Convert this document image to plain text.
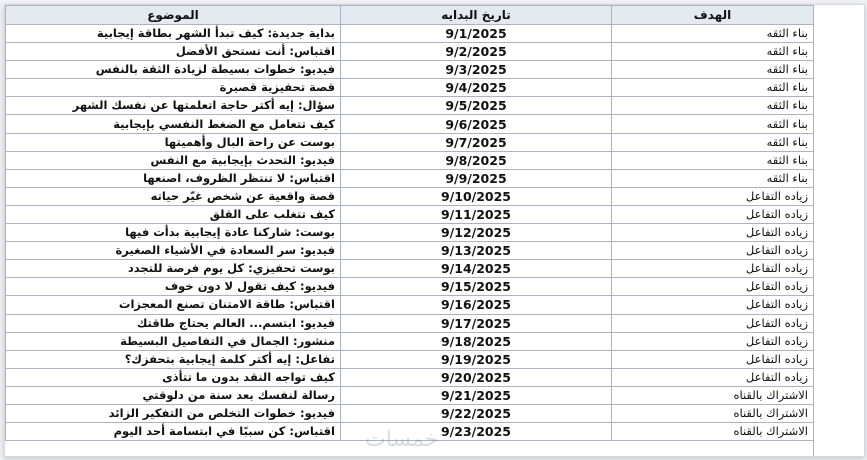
الموضوع	تاريخ البدايه	الهدف
بداية جديدة: كيف تبدأ الشهر بطاقة إيجابية	9/1/2025	بناء الثقه
اقتباس: أنت تستحق الأفضل	9/2/2025	بناء الثقه
فيديو: خطوات بسيطة لزيادة الثقة بالنفس	9/3/2025	بناء الثقه
قصة تحفيزية قصيرة	9/4/2025	بناء الثقه
سؤال: إيه أكتر حاجة اتعلمتها عن نفسك الشهر	9/5/2025	بناء الثقه
كيف تتعامل مع الضغط النفسي بإيجابية	9/6/2025	بناء الثقه
بوست عن راحة البال وأهميتها	9/7/2025	بناء الثقه
فيديو: التحدث بإيجابية مع النفس	9/8/2025	بناء الثقه
اقتباس: لا تنتظر الظروف، اصنعها	9/9/2025	بناء الثقه
قصة واقعية عن شخص غيّر حياته	9/10/2025	زياده التفاعل
كيف تتغلب على القلق	9/11/2025	زياده التفاعل
بوست: شاركنا عادة إيجابية بدأت فيها	9/12/2025	زياده التفاعل
فيديو: سر السعادة في الأشياء الصغيرة	9/13/2025	زياده التفاعل
بوست تحفيزي: كل يوم فرصة للتجدد	9/14/2025	زياده التفاعل
فيديو: كيف تقول لا دون خوف	9/15/2025	زياده التفاعل
اقتباس: طاقة الامتنان تصنع المعجزات	9/16/2025	زياده التفاعل
فيديو: ابتسم... العالم يحتاج طاقتك	9/17/2025	زياده التفاعل
منشور: الجمال في التفاصيل البسيطة	9/18/2025	زياده التفاعل
تفاعل: إيه أكتر كلمة إيجابية بتحفزك؟	9/19/2025	زياده التفاعل
كيف تواجه النقد بدون ما تتأذى	9/20/2025	زياده التفاعل
رسالة لنفسك بعد سنة من دلوقتي	9/21/2025	الاشتراك بالقناه
فيديو: خطوات التخلص من التفكير الزائد	9/22/2025	الاشتراك بالقناه
اقتباس: كن سببًا في ابتسامة أحد اليوم	9/23/2025	الاشتراك بالقناه
خمسات
